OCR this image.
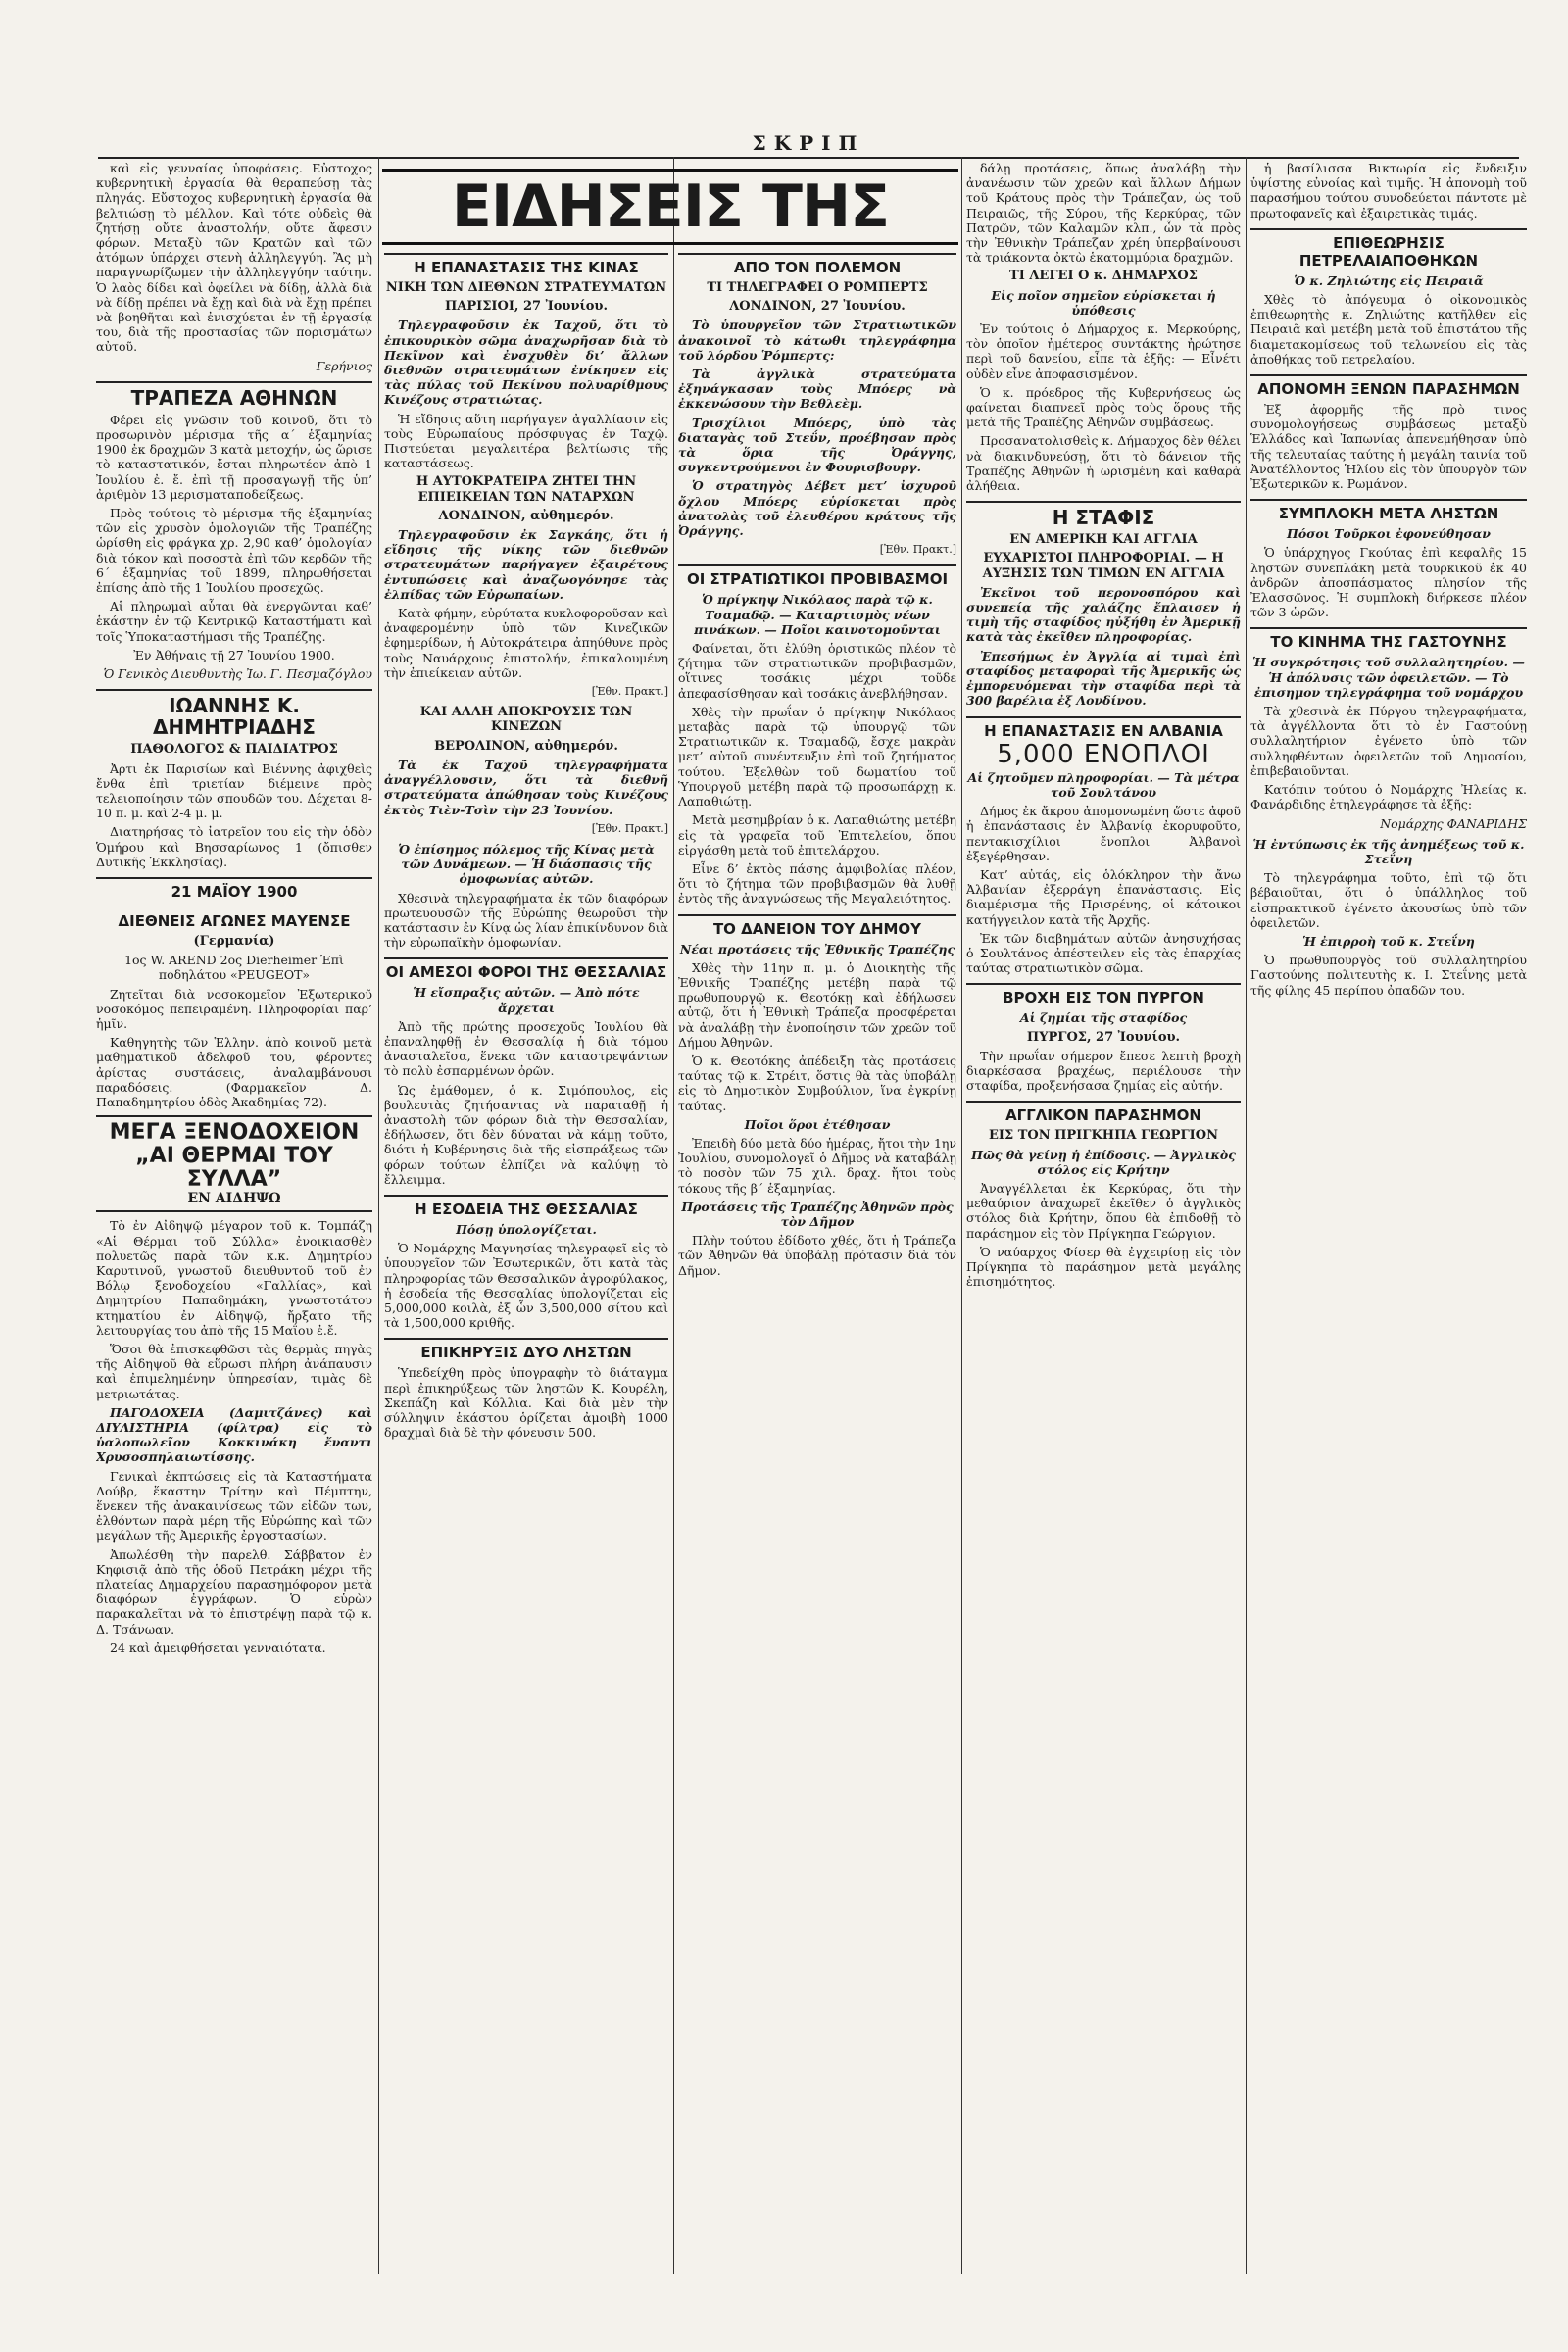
ΣΚΡΙΠ
ΕΙΔΗΣΕΙΣ ΤΗΣ

καὶ εἰς γενναίας ὑποφάσεις. Εὐστοχος κυβερνητικὴ ἐργασία θὰ θεραπεύσῃ τὰς πληγάς. Εὔστοχος κυβερνητικὴ ἐργασία θὰ βελτιώσῃ τὸ μέλλον. Καὶ τότε οὐδεὶς θὰ ζητήσῃ οὔτε ἀναστολήν, οὔτε ἄφεσιν φόρων. Μεταξὺ τῶν Κρατῶν καὶ τῶν ἀτόμων ὑπάρχει στενὴ ἀλληλεγγύη. Ἂς μὴ παραγνωρίζωμεν τὴν ἀλληλεγγύην ταύτην. Ὁ λαὸς δίδει καὶ ὀφείλει νὰ δίδῃ, ἀλλὰ διὰ νὰ δίδῃ πρέπει νὰ ἔχῃ καὶ διὰ νὰ ἔχῃ πρέπει νὰ βοηθῆται καὶ ἐνισχύεται ἐν τῇ ἐργασίᾳ του, διὰ τῆς προστασίας τῶν πορισμάτων αὐτοῦ.

Γερήνιος
ΤΡΑΠΕΖΑ ΑΘΗΝΩΝ

Φέρει εἰς γνῶσιν τοῦ κοινοῦ, ὅτι τὸ προσωρινὸν μέρισμα τῆς α΄ ἑξαμηνίας 1900 ἐκ δραχμῶν 3 κατὰ μετοχήν, ὡς ὥρισε τὸ καταστατικόν, ἔσται πληρωτέον ἀπὸ 1 Ἰουλίου ἐ. ἔ. ἐπὶ τῇ προσαγωγῇ τῆς ὑπ’ ἀριθμὸν 13 μερισματαποδείξεως.

Πρὸς τούτοις τὸ μέρισμα τῆς ἑξαμηνίας τῶν εἰς χρυσὸν ὁμολογιῶν τῆς Τραπέζης ὡρίσθη εἰς φράγκα χρ. 2,90 καθ’ ὁμολογίαν διὰ τόκον καὶ ποσοστὰ ἐπὶ τῶν κερδῶν τῆς 6΄ ἑξαμηνίας τοῦ 1899, πληρωθήσεται ἐπίσης ἀπὸ τῆς 1 Ἰουλίου προσεχῶς.

Αἱ πληρωμαὶ αὗται θὰ ἐνεργῶνται καθ’ ἑκάστην ἐν τῷ Κεντρικῷ Καταστήματι καὶ τοῖς Ὑποκαταστήμασι τῆς Τραπέζης.

Ἐν Ἀθήναις τῇ 27 Ἰουνίου 1900.

Ὁ Γενικὸς Διευθυντὴς Ἰω. Γ. Πεσμαζόγλου
ΙΩΑΝΝΗΣ Κ. ΔΗΜΗΤΡΙΑΔΗΣ
ΠΑΘΟΛΟΓΟΣ & ΠΑΙΔΙΑΤΡΟΣ

Ἀρτι ἐκ Παρισίων καὶ Βιέννης ἀφιχθεὶς ἔνθα ἐπὶ τριετίαν διέμεινε πρὸς τελειοποίησιν τῶν σπουδῶν του. Δέχεται 8-10 π. μ. καὶ 2-4 μ. μ.

Διατηρήσας τὸ ἰατρεῖον του εἰς τὴν ὁδὸν Ὁμήρου καὶ Βησσαρίωνος 1 (ὄπισθεν Δυτικῆς Ἐκκλησίας).

21 ΜΑΪΟΥ 1900
ΔΙΕΘΝΕΙΣ ΑΓΩΝΕΣ ΜΑΥΕΝΣΕ
(Γερμανία)

1ος W. AREND 2ος Dierheimer Ἐπὶ ποδηλάτου «PEUGEOT»

Ζητεῖται διὰ νοσοκομεῖον Ἐξωτερικοῦ νοσοκόμος πεπειραμένη. Πληροφορίαι παρ’ ἡμῖν.

Καθηγητὴς τῶν Ἑλλην. ἀπὸ κοινοῦ μετὰ μαθηματικοῦ ἀδελφοῦ του, φέροντες ἀρίστας συστάσεις, ἀναλαμβάνουσι παραδόσεις. (Φαρμακεῖον Δ. Παπαδημητρίου ὁδὸς Ἀκαδημίας 72).

ΜΕΓΑ ΞΕΝΟΔΟΧΕΙΟΝ
„ΑΙ ΘΕΡΜΑΙ ΤΟΥ ΣΥΛΛΑ”
ΕΝ ΑΙΔΗΨΩ

Τὸ ἐν Αἰδηψῷ μέγαρον τοῦ κ. Τομπάζη «Αἱ Θέρμαι τοῦ Σύλλα» ἐνοικιασθὲν πολυετῶς παρὰ τῶν κ.κ. Δημητρίου Καρυτινοῦ, γνωστοῦ διευθυντοῦ τοῦ ἐν Βόλῳ ξενοδοχείου «Γαλλίας», καὶ Δημητρίου Παπαδημάκη, γνωστοτάτου κτηματίου ἐν Αἰδηψῷ, ἤρξατο τῆς λειτουργίας του ἀπὸ τῆς 15 Μαΐου ἐ.ἔ.

Ὅσοι θὰ ἐπισκεφθῶσι τὰς θερμὰς πηγὰς τῆς Αἰδηψοῦ θὰ εὕρωσι πλήρη ἀνάπαυσιν καὶ ἐπιμελημένην ὑπηρεσίαν, τιμὰς δὲ μετριωτάτας.

ΠΑΓΟΔΟΧΕΙΑ (Δαμιτζάνες) καὶ ΔΙΥΛΙΣΤΗΡΙΑ (φίλτρα) εἰς τὸ ὑαλοπωλεῖον Κοκκινάκη ἔναντι Χρυσοσπηλαιωτίσσης.

Γενικαὶ ἐκπτώσεις εἰς τὰ Καταστήματα Λούβρ, ἕκαστην Τρίτην καὶ Πέμπτην, ἕνεκεν τῆς ἀνακαινίσεως τῶν εἰδῶν των, ἐλθόντων παρὰ μέρη τῆς Εὐρώπης καὶ τῶν μεγάλων τῆς Ἀμερικῆς ἐργοστασίων.

Ἀπωλέσθη τὴν παρελθ. Σάββατον ἐν Κηφισιᾷ ἀπὸ τῆς ὁδοῦ Πετράκη μέχρι τῆς πλατείας Δημαρχείου παρασημόφορον μετὰ διαφόρων ἐγγράφων. Ὁ εὑρὼν παρακαλεῖται νὰ τὸ ἐπιστρέψῃ παρὰ τῷ κ. Δ. Τσάνωαν.

24 καὶ ἀμειφθήσεται γενναιότατα.

Η ΕΠΑΝΑΣΤΑΣΙΣ ΤΗΣ ΚΙΝΑΣ
ΝΙΚΗ ΤΩΝ ΔΙΕΘΝΩΝ ΣΤΡΑΤΕΥΜΑΤΩΝ
ΠΑΡΙΣΙΟΙ, 27 Ἰουνίου.

Τηλεγραφοῦσιν ἐκ Ταχοῦ, ὅτι τὸ ἐπικουρικὸν σῶμα ἀναχωρῆσαν διὰ τὸ Πεκῖνον καὶ ἐνσχυθὲν δι’ ἄλλων διεθνῶν στρατευμάτων ἐνίκησεν εἰς τὰς πύλας τοῦ Πεκίνου πολυαρίθμους Κινέζους στρατιώτας.

Ἡ εἴδησις αὕτη παρήγαγεν ἀγαλλίασιν εἰς τοὺς Εὐρωπαίους πρόσφυγας ἐν Ταχῷ. Πιστεύεται μεγαλειτέρα βελτίωσις τῆς καταστάσεως.

Η ΑΥΤΟΚΡΑΤΕΙΡΑ ΖΗΤΕΙ ΤΗΝ ΕΠΙΕΙΚΕΙΑΝ ΤΩΝ ΝΑΤΑΡΧΩΝ
ΛΟΝΔΙΝΟΝ, αὐθημερόν.

Τηλεγραφοῦσιν ἐκ Σαγκάης, ὅτι ἡ εἴδησις τῆς νίκης τῶν διεθνῶν στρατευμάτων παρήγαγεν ἐξαιρέτους ἐντυπώσεις καὶ ἀναζωογόνησε τὰς ἐλπίδας τῶν Εὐρωπαίων.

Κατὰ φήμην, εὐρύτατα κυκλοφοροῦσαν καὶ ἀναφερομένην ὑπὸ τῶν Κινεζικῶν ἐφημερίδων, ἡ Αὐτοκράτειρα ἀπηύθυνε πρὸς τοὺς Ναυάρχους ἐπιστολήν, ἐπικαλουμένη τὴν ἐπιείκειαν αὐτῶν.

[Ἐθν. Πρακτ.]
ΚΑΙ ΑΛΛΗ ΑΠΟΚΡΟΥΣΙΣ ΤΩΝ ΚΙΝΕΖΩΝ
ΒΕΡΟΛΙΝΟΝ, αὐθημερόν.

Τὰ ἐκ Ταχοῦ τηλεγραφήματα ἀναγγέλλουσιν, ὅτι τὰ διεθνῆ στρατεύματα ἀπώθησαν τοὺς Κινέζους ἐκτὸς Τιὲν-Τσὶν τὴν 23 Ἰουνίου.

[Ἐθν. Πρακτ.]

Ὁ ἐπίσημος πόλεμος τῆς Κίνας μετὰ τῶν Δυνάμεων. — Ἡ διάσπασις τῆς ὁμοφωνίας αὐτῶν.

Χθεσινὰ τηλεγραφήματα ἐκ τῶν διαφόρων πρωτευουσῶν τῆς Εὐρώπης θεωροῦσι τὴν κατάστασιν ἐν Κίνᾳ ὡς λίαν ἐπικίνδυνον διὰ τὴν εὐρωπαϊκὴν ὁμοφωνίαν.

ΟΙ ΑΜΕΣΟΙ ΦΟΡΟΙ ΤΗΣ ΘΕΣΣΑΛΙΑΣ

Ἡ εἴσπραξις αὐτῶν. — Ἀπὸ πότε ἄρχεται

Ἀπὸ τῆς πρώτης προσεχοῦς Ἰουλίου θὰ ἐπαναληφθῇ ἐν Θεσσαλίᾳ ἡ διὰ τόμου ἀνασταλεῖσα, ἕνεκα τῶν καταστρεψάντων τὸ πολὺ ἐσπαρμένων ὀρῶν.

Ὡς ἐμάθομεν, ὁ κ. Σιμόπουλος, εἰς βουλευτὰς ζητήσαντας νὰ παραταθῇ ἡ ἀναστολὴ τῶν φόρων διὰ τὴν Θεσσαλίαν, ἐδήλωσεν, ὅτι δὲν δύναται νὰ κάμῃ τοῦτο, διότι ἡ Κυβέρνησις διὰ τῆς εἰσπράξεως τῶν φόρων τούτων ἐλπίζει νὰ καλύψῃ τὸ ἔλλειμμα.

Η ΕΣΟΔΕΙΑ ΤΗΣ ΘΕΣΣΑΛΙΑΣ

Πόσῃ ὑπολογίζεται.

Ὁ Νομάρχης Μαγνησίας τηλεγραφεῖ εἰς τὸ ὑπουργεῖον τῶν Ἐσωτερικῶν, ὅτι κατὰ τὰς πληροφορίας τῶν Θεσσαλικῶν ἀγροφύλακος, ἡ ἐσοδεία τῆς Θεσσαλίας ὑπολογίζεται εἰς 5,000,000 κοιλὰ, ἐξ ὧν 3,500,000 σίτου καὶ τὰ 1,500,000 κριθῆς.

ΕΠΙΚΗΡΥΞΙΣ ΔΥΟ ΛΗΣΤΩΝ

Ὑπεδείχθη πρὸς ὑπογραφὴν τὸ διάταγμα περὶ ἐπικηρύξεως τῶν ληστῶν Κ. Κουρέλη, Σκεπάζη καὶ Κόλλια. Καὶ διὰ μὲν τὴν σύλληψιν ἑκάστου ὁρίζεται ἀμοιβὴ 1000 δραχμαὶ διὰ δὲ τὴν φόνευσιν 500.

ΑΠΟ ΤΟΝ ΠΟΛΕΜΟΝ
ΤΙ ΤΗΛΕΓΡΑΦΕΙ Ο ΡΟΜΠΕΡΤΣ
ΛΟΝΔΙΝΟΝ, 27 Ἰουνίου.

Τὸ ὑπουργεῖον τῶν Στρατιωτικῶν ἀνακοινοῖ τὸ κάτωθι τηλεγράφημα τοῦ λόρδου Ῥόμπερτς:

Τὰ ἀγγλικὰ στρατεύματα ἐξηνάγκασαν τοὺς Μπόερς νὰ ἐκκενώσουν τὴν Βεθλεὲμ.

Τρισχίλιοι Μπόερς, ὑπὸ τὰς διαταγὰς τοῦ Στεΰν, προέβησαν πρὸς τὰ ὅρια τῆς Ὀράγγης, συγκεντρούμενοι ἐν Φουρισβουργ.

Ὁ στρατηγὸς Δέβετ μετ’ ἰσχυροῦ ὄχλου Μπόερς εὑρίσκεται πρὸς ἀνατολὰς τοῦ ἐλευθέρου κράτους τῆς Ὀράγγης.

[Ἐθν. Πρακτ.]
ΟΙ ΣΤΡΑΤΙΩΤΙΚΟΙ ΠΡΟΒΙΒΑΣΜΟΙ

Ὁ πρίγκηψ Νικόλαος παρὰ τῷ κ. Τσαμαδῷ. — Καταρτισμὸς νέων πινάκων. — Ποῖοι καινοτομοῦνται

Φαίνεται, ὅτι ἐλύθη ὁριστικῶς πλέον τὸ ζήτημα τῶν στρατιωτικῶν προβιβασμῶν, οἵτινες τοσάκις μέχρι τοῦδε ἀπεφασίσθησαν καὶ τοσάκις ἀνεβλήθησαν.

Χθὲς τὴν πρωΐαν ὁ πρίγκηψ Νικόλαος μεταβὰς παρὰ τῷ ὑπουργῷ τῶν Στρατιωτικῶν κ. Τσαμαδῷ, ἔσχε μακρὰν μετ’ αὐτοῦ συνέντευξιν ἐπὶ τοῦ ζητήματος τούτου. Ἐξελθὼν τοῦ δωματίου τοῦ Ὑπουργοῦ μετέβη παρὰ τῷ προσωπάρχῃ κ. Λαπαθιώτῃ.

Μετὰ μεσημβρίαν ὁ κ. Λαπαθιώτης μετέβη εἰς τὰ γραφεῖα τοῦ Ἐπιτελείου, ὅπου εἰργάσθη μετὰ τοῦ ἐπιτελάρχου.

Εἶνε δ’ ἐκτὸς πάσης ἀμφιβολίας πλέον, ὅτι τὸ ζήτημα τῶν προβιβασμῶν θὰ λυθῇ ἐντὸς τῆς ἀναγνώσεως τῆς Μεγαλειότητος.

ΤΟ ΔΑΝΕΙΟΝ ΤΟΥ ΔΗΜΟΥ

Νέαι προτάσεις τῆς Ἐθνικῆς Τραπέζης

Χθὲς τὴν 11ην π. μ. ὁ Διοικητὴς τῆς Ἐθνικῆς Τραπέζης μετέβη παρὰ τῷ πρωθυπουργῷ κ. Θεοτόκῃ καὶ ἐδήλωσεν αὐτῷ, ὅτι ἡ Ἐθνικὴ Τράπεζα προσφέρεται νὰ ἀναλάβῃ τὴν ἐνοποίησιν τῶν χρεῶν τοῦ Δήμου Ἀθηνῶν.

Ὁ κ. Θεοτόκης ἀπέδειξη τὰς προτάσεις ταύτας τῷ κ. Στρέιτ, ὅστις θὰ τὰς ὑποβάλῃ εἰς τὸ Δημοτικὸν Συμβούλιον, ἵνα ἐγκρίνῃ ταύτας.

Ποῖοι ὅροι ἐτέθησαν

Ἐπειδὴ δύο μετὰ δύο ἡμέρας, ἤτοι τὴν 1ην Ἰουλίου, συνομολογεῖ ὁ Δῆμος νὰ καταβάλῃ τὸ ποσὸν τῶν 75 χιλ. δραχ. ἤτοι τοὺς τόκους τῆς β΄ ἑξαμηνίας.

Προτάσεις τῆς Τραπέζης Ἀθηνῶν πρὸς τὸν Δῆμον

Πλὴν τούτου ἐδίδοτο χθές, ὅτι ἡ Τράπεζα τῶν Ἀθηνῶν θὰ ὑποβάλῃ πρότασιν διὰ τὸν Δῆμον.

δάλῃ προτάσεις, ὅπως ἀναλάβῃ τὴν ἀνανέωσιν τῶν χρεῶν καὶ ἄλλων Δήμων τοῦ Κράτους πρὸς τὴν Τράπεζαν, ὡς τοῦ Πειραιῶς, τῆς Σύρου, τῆς Κερκύρας, τῶν Πατρῶν, τῶν Καλαμῶν κλπ., ὧν τὰ πρὸς τὴν Ἐθνικὴν Τράπεζαν χρέη ὑπερβαίνουσι τὰ τριάκοντα ὀκτὼ ἑκατομμύρια δραχμῶν.

ΤΙ ΛΕΓΕΙ Ο κ. ΔΗΜΑΡΧΟΣ

Εἰς ποῖον σημεῖον εὑρίσκεται ἡ ὑπόθεσις

Ἐν τούτοις ὁ Δήμαρχος κ. Μερκούρης, τὸν ὁποῖον ἠμέτερος συντάκτης ἠρώτησε περὶ τοῦ δανείου, εἶπε τὰ ἑξῆς: — Εἶνέτι οὐδὲν εἶνε ἀποφασισμένον.

Ὁ κ. πρόεδρος τῆς Κυβερνήσεως ὡς φαίνεται διαπνεεῖ πρὸς τοὺς ὅρους τῆς μετὰ τῆς Τραπέζης Ἀθηνῶν συμβάσεως.

Προσανατολισθεὶς κ. Δήμαρχος δὲν θέλει νὰ διακινδυνεύσῃ, ὅτι τὸ δάνειον τῆς Τραπέζης Ἀθηνῶν ἡ ωρισμένη καὶ καθαρὰ ἀλήθεια.

Η ΣΤΑΦΙΣ
ΕΝ ΑΜΕΡΙΚΗ ΚΑΙ ΑΓΓΛΙΑ
ΕΥΧΑΡΙΣΤΟΙ ΠΛΗΡΟΦΟΡΙΑΙ. — Η ΑΥΞΗΣΙΣ ΤΩΝ ΤΙΜΩΝ ΕΝ ΑΓΓΛΙΑ

Ἐκεῖνοι τοῦ περονοσπόρου καὶ συνεπείᾳ τῆς χαλάζης ἔπλαισεν ἡ τιμὴ τῆς σταφίδος ηὐξήθη ἐν Ἀμερικῇ κατὰ τὰς ἐκεῖθεν πληροφορίας.

Ἐπεσήμως ἐν Ἀγγλίᾳ αἱ τιμαὶ ἐπὶ σταφίδος μεταφοραὶ τῆς Ἀμερικῆς ὡς ἐμπορευόμεναι τὴν σταφίδα περὶ τὰ 300 βαρέλια ἐξ Λονδίνου.

Η ΕΠΑΝΑΣΤΑΣΙΣ ΕΝ ΑΛΒΑΝΙΑ
5,000 ΕΝΟΠΛΟΙ

Αἱ ζητοῦμεν πληροφορίαι. — Τὰ μέτρα τοῦ Σουλτάνου

Δήμος ἐκ ἄκρου ἀπομονωμένη ὥστε ἀφοῦ ἡ ἐπανάστασις ἐν Ἀλβανίᾳ ἐκορυφοῦτο, πεντακισχίλιοι ἔνοπλοι Ἀλβανοὶ ἐξεγέρθησαν.

Κατ’ αὐτάς, εἰς ὁλόκληρον τὴν ἄνω Ἀλβανίαν ἐξερράγη ἐπανάστασις. Εἰς διαμέρισμα τῆς Πρισρένης, οἱ κάτοικοι κατήγγειλον κατὰ τῆς Ἀρχῆς.

Ἐκ τῶν διαβημάτων αὐτῶν ἀνησυχήσας ὁ Σουλτάνος ἀπέστειλεν εἰς τὰς ἐπαρχίας ταύτας στρατιωτικὸν σῶμα.

ΒΡΟΧΗ ΕΙΣ ΤΟΝ ΠΥΡΓΟΝ

Αἱ ζημίαι τῆς σταφίδος

ΠΥΡΓΟΣ, 27 Ἰουνίου.

Τὴν πρωΐαν σήμερον ἔπεσε λεπτὴ βροχὴ διαρκέσασα βραχέως, περιέλουσε τὴν σταφίδα, προξενήσασα ζημίας εἰς αὐτήν.

ΑΓΓΛΙΚΟΝ ΠΑΡΑΣΗΜΟΝ
ΕΙΣ ΤΟΝ ΠΡΙΓΚΗΠΑ ΓΕΩΡΓΙΟΝ

Πῶς θὰ γείνῃ ἡ ἐπίδοσις. — Ἀγγλικὸς στόλος εἰς Κρήτην

Ἀναγγέλλεται ἐκ Κερκύρας, ὅτι τὴν μεθαύριον ἀναχωρεῖ ἐκεῖθεν ὁ ἀγγλικὸς στόλος διὰ Κρήτην, ὅπου θὰ ἐπιδοθῇ τὸ παράσημον εἰς τὸν Πρίγκηπα Γεώργιον.

Ὁ ναύαρχος Φίσερ θὰ ἐγχειρίσῃ εἰς τὸν Πρίγκηπα τὸ παράσημον μετὰ μεγάλης ἐπισημότητος.

ἡ βασίλισσα Βικτωρία εἰς ἔνδειξιν ὑψίστης εὐνοίας καὶ τιμῆς. Ἡ ἀπονομὴ τοῦ παρασήμου τούτου συνοδεύεται πάντοτε μὲ πρωτοφανεῖς καὶ ἐξαιρετικὰς τιμάς.

ΕΠΙΘΕΩΡΗΣΙΣ ΠΕΤΡΕΛΑΙΑΠΟΘΗΚΩΝ

Ὁ κ. Ζηλιώτης εἰς Πειραιᾶ

Χθὲς τὸ ἀπόγευμα ὁ οἰκονομικὸς ἐπιθεωρητὴς κ. Ζηλιώτης κατῆλθεν εἰς Πειραιᾶ καὶ μετέβη μετὰ τοῦ ἐπιστάτου τῆς διαμετακομίσεως τοῦ τελωνείου εἰς τὰς ἀποθήκας τοῦ πετρελαίου.

ΑΠΟΝΟΜΗ ΞΕΝΩΝ ΠΑΡΑΣΗΜΩΝ

Ἐξ ἀφορμῆς τῆς πρὸ τινος συνομολογήσεως συμβάσεως μεταξὺ Ἑλλάδος καὶ Ἰαπωνίας ἀπενεμήθησαν ὑπὸ τῆς τελευταίας ταύτης ἡ μεγάλη ταινία τοῦ Ἀνατέλλοντος Ἡλίου εἰς τὸν ὑπουργὸν τῶν Ἐξωτερικῶν κ. Ρωμάνον.

ΣΥΜΠΛΟΚΗ ΜΕΤΑ ΛΗΣΤΩΝ

Πόσοι Τοῦρκοι ἐφονεύθησαν

Ὁ ὑπάρχηγος Γκούτας ἐπὶ κεφαλῆς 15 ληστῶν συνεπλάκη μετὰ τουρκικοῦ ἐκ 40 ἀνδρῶν ἀποσπάσματος πλησίον τῆς Ἐλασσῶνος. Ἡ συμπλοκὴ διήρκεσε πλέον τῶν 3 ὡρῶν.

ΤΟ ΚΙΝΗΜΑ ΤΗΣ ΓΑΣΤΟΥΝΗΣ

Ἡ συγκρότησις τοῦ συλλαλητηρίου. — Ἡ ἀπόλυσις τῶν ὀφειλετῶν. — Τὸ ἐπισημον τηλεγράφημα τοῦ νομάρχου

Τὰ χθεσινὰ ἐκ Πύργου τηλεγραφήματα, τὰ ἀγγέλλοντα ὅτι τὸ ἐν Γαστούνῃ συλλαλητήριον ἐγένετο ὑπὸ τῶν συλληφθέντων ὀφειλετῶν τοῦ Δημοσίου, ἐπιβεβαιοῦνται.

Κατόπιν τούτου ὁ Νομάρχης Ἠλείας κ. Φανάρδιδης ἐτηλεγράφησε τὰ ἑξῆς:

Νομάρχης ΦΑΝΑΡΙΔΗΣ

Ἡ ἐντύπωσις ἐκ τῆς ἀνημέξεως τοῦ κ. Στεΐνη

Τὸ τηλεγράφημα τοῦτο, ἐπὶ τῷ ὅτι βέβαιοῦται, ὅτι ὁ ὑπάλληλος τοῦ εἰσπρακτικοῦ ἐγένετο ἀκουσίως ὑπὸ τῶν ὀφειλετῶν.

Ἡ ἐπιρροὴ τοῦ κ. Στεΐνη

Ὁ πρωθυπουργὸς τοῦ συλλαλητηρίου Γαστούνης πολιτευτὴς κ. Ι. Στεΐνης μετὰ τῆς φίλης 45 περίπου ὀπαδῶν του.
